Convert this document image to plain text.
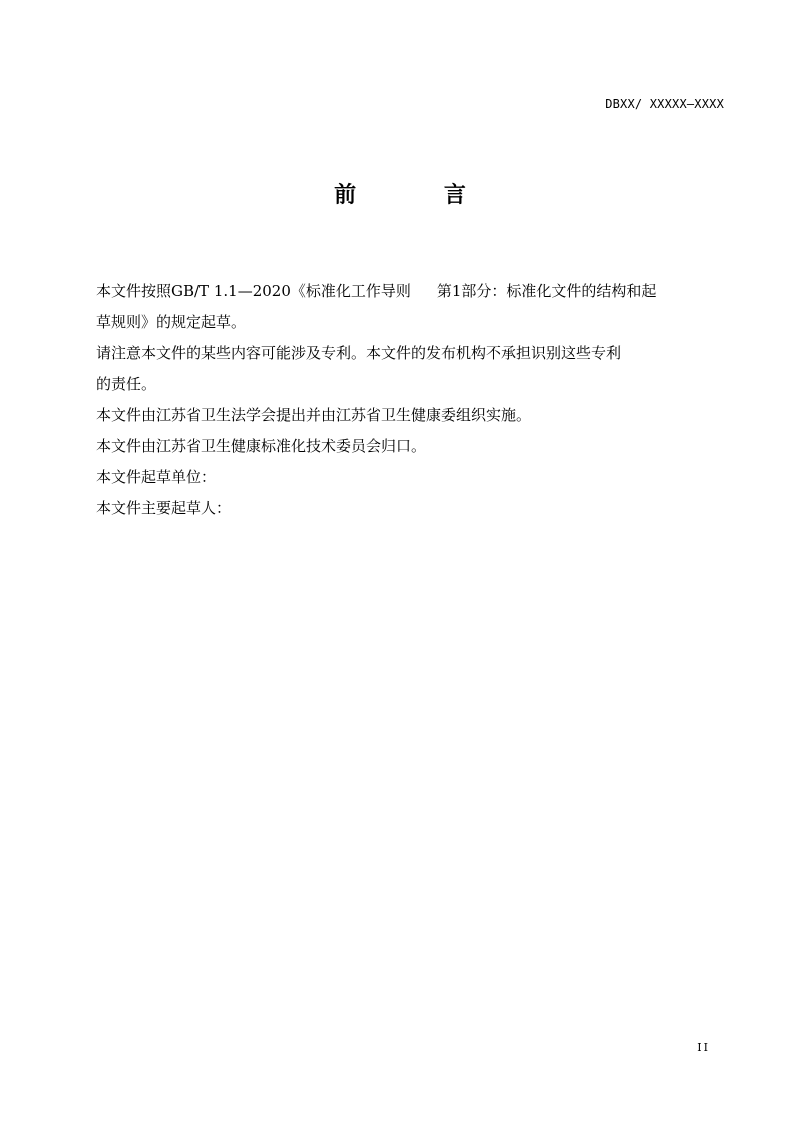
DBXX/ XXXXX—XXXX
前 言

本文件按照GB/T 1.1—2020《标准化工作导则 第1部分：标准化文件的结构和起

草规则》的规定起草。

请注意本文件的某些内容可能涉及专利。本文件的发布机构不承担识别这些专利

的责任。

本文件由江苏省卫生法学会提出并由江苏省卫生健康委组织实施。

本文件由江苏省卫生健康标准化技术委员会归口。

本文件起草单位：

本文件主要起草人：

II
